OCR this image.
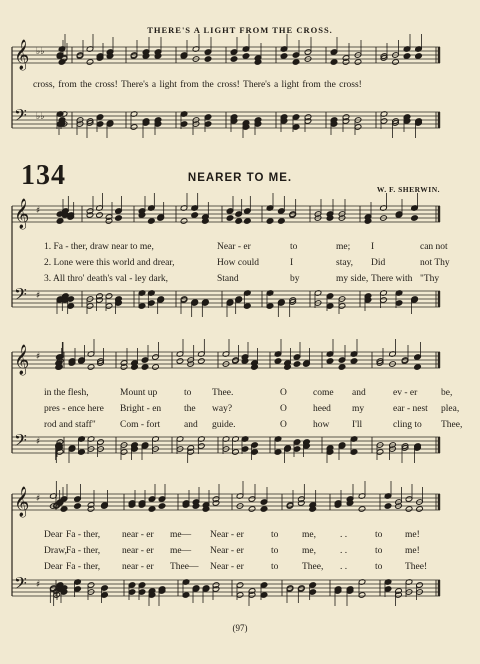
THERE'S A LIGHT FROM THE CROSS.
cross, from the cross! There's a light from the cross! There's a light from the cross!
134	NEARER TO ME.
W. F. SHERWIN.
(97)
1. Fa - ther, draw near to me,	Near - er	to	me; I	can not
2. Lone were this world and drear,	How could	I	stay, Did	not Thy
3. All thro' death's val - ley dark,	Stand	by	my side, There with "Thy
in the flesh,	Mount up	to Thee.	O	come and	ev - er be,
pres - ence here Bright - en the way?	O	heed my	ear - nest plea,
rod and staff"	Com - fort	and guide.	O	how I'll	cling to Thee,
Dear Fa - ther, near - er me— Near - er	to me,	. .	to me!
Draw, Fa - ther, near - er me— Near - er	to me,	. .	to me!
Dear Fa - ther, near - er Thee— Near - er	to Thee, . .	to Thee!
𝄞
𝄢
♭♭
♭♭
𝄞
𝄢
♯
♯
𝄞
𝄢
♯
♯
𝄞
𝄢
♯
♯
